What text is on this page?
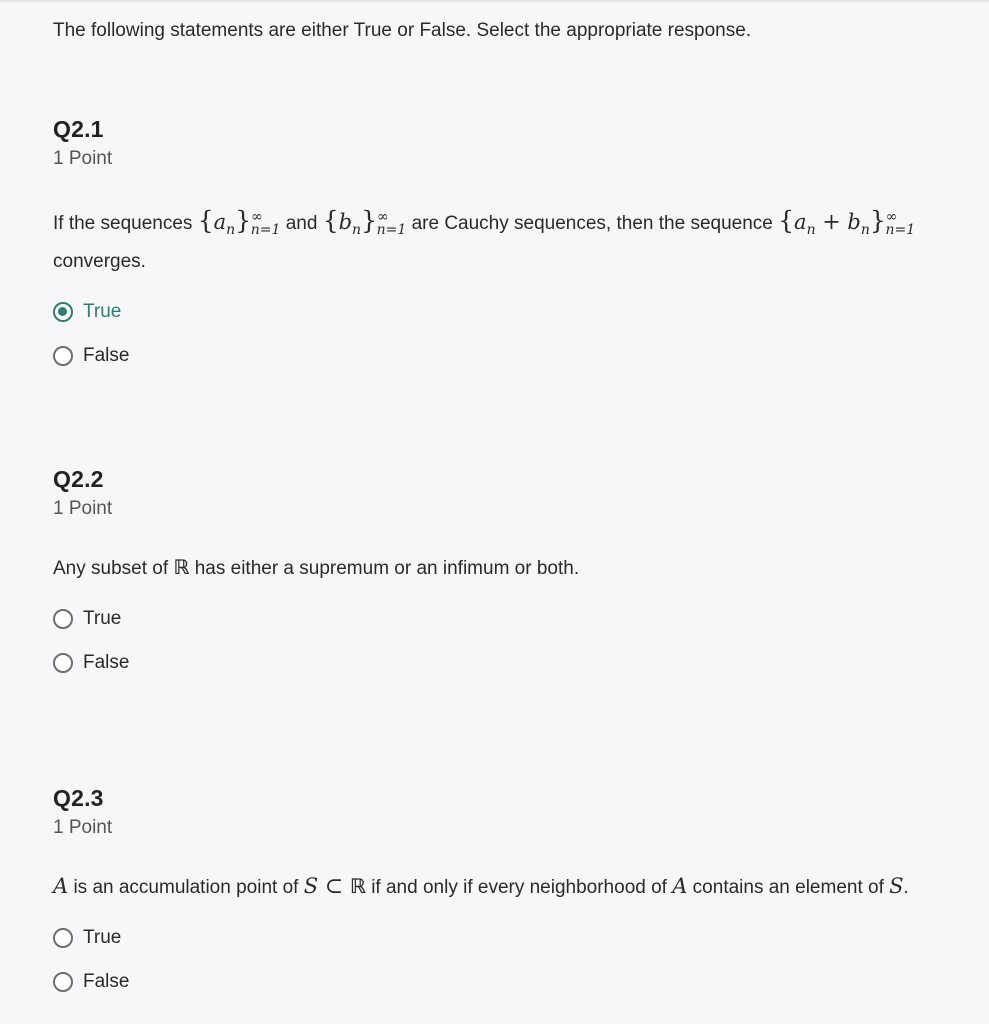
The following statements are either True or False. Select the appropriate response.
Q2.1
1 Point
If the sequences $\{a_n\}^\infty_{n=1}$ and $\{b_n\}^\infty_{n=1}$ are Cauchy sequences, then the sequence $\{a_n + b_n\}^\infty_{n=1}$ converges.
True
False
Q2.2
1 Point
Any subset of ℝ has either a supremum or an infimum or both.
True
False
Q2.3
1 Point
A is an accumulation point of S ⊂ ℝ if and only if every neighborhood of A contains an element of S.
True
False
